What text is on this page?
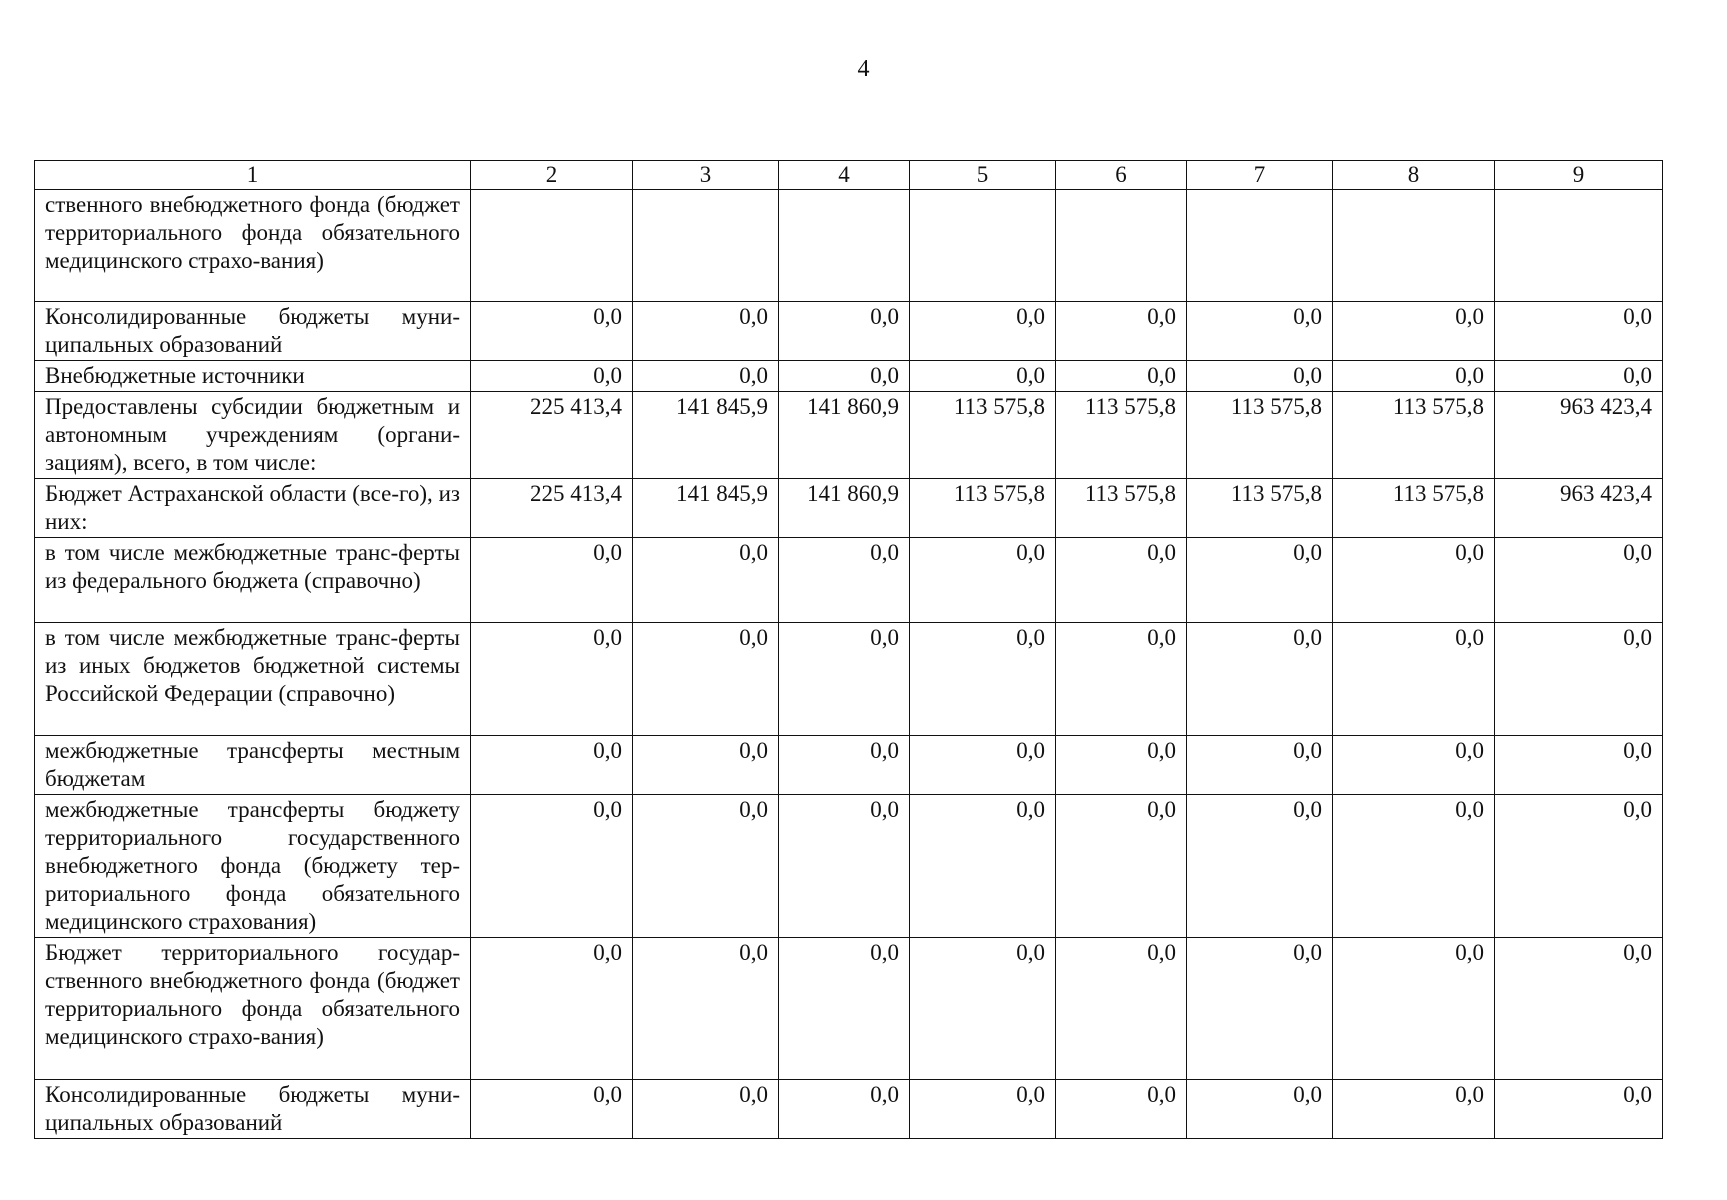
4
1	2	3	4	5	6	7	8	9
ственного внебюджетного фонда (бюджет территориального фонда обязательного медицинского страхо-вания)								
Консолидированные бюджеты муни-ципальных образований	0,0	0,0	0,0	0,0	0,0	0,0	0,0	0,0
Внебюджетные источники	0,0	0,0	0,0	0,0	0,0	0,0	0,0	0,0
Предоставлены субсидии бюджетным и автономным учреждениям (органи-зациям), всего, в том числе:	225 413,4	141 845,9	141 860,9	113 575,8	113 575,8	113 575,8	113 575,8	963 423,4
Бюджет Астраханской области (все-го), из них:	225 413,4	141 845,9	141 860,9	113 575,8	113 575,8	113 575,8	113 575,8	963 423,4
в том числе межбюджетные транс-ферты из федерального бюджета (справочно)	0,0	0,0	0,0	0,0	0,0	0,0	0,0	0,0
в том числе межбюджетные транс-ферты из иных бюджетов бюджетной системы Российской Федерации (справочно)	0,0	0,0	0,0	0,0	0,0	0,0	0,0	0,0
межбюджетные трансферты местным бюджетам	0,0	0,0	0,0	0,0	0,0	0,0	0,0	0,0
межбюджетные трансферты бюджету территориального государственного внебюджетного фонда (бюджету тер-риториального фонда обязательного медицинского страхования)	0,0	0,0	0,0	0,0	0,0	0,0	0,0	0,0
Бюджет территориального государ-ственного внебюджетного фонда (бюджет территориального фонда обязательного медицинского страхо-вания)	0,0	0,0	0,0	0,0	0,0	0,0	0,0	0,0
Консолидированные бюджеты муни-ципальных образований	0,0	0,0	0,0	0,0	0,0	0,0	0,0	0,0
